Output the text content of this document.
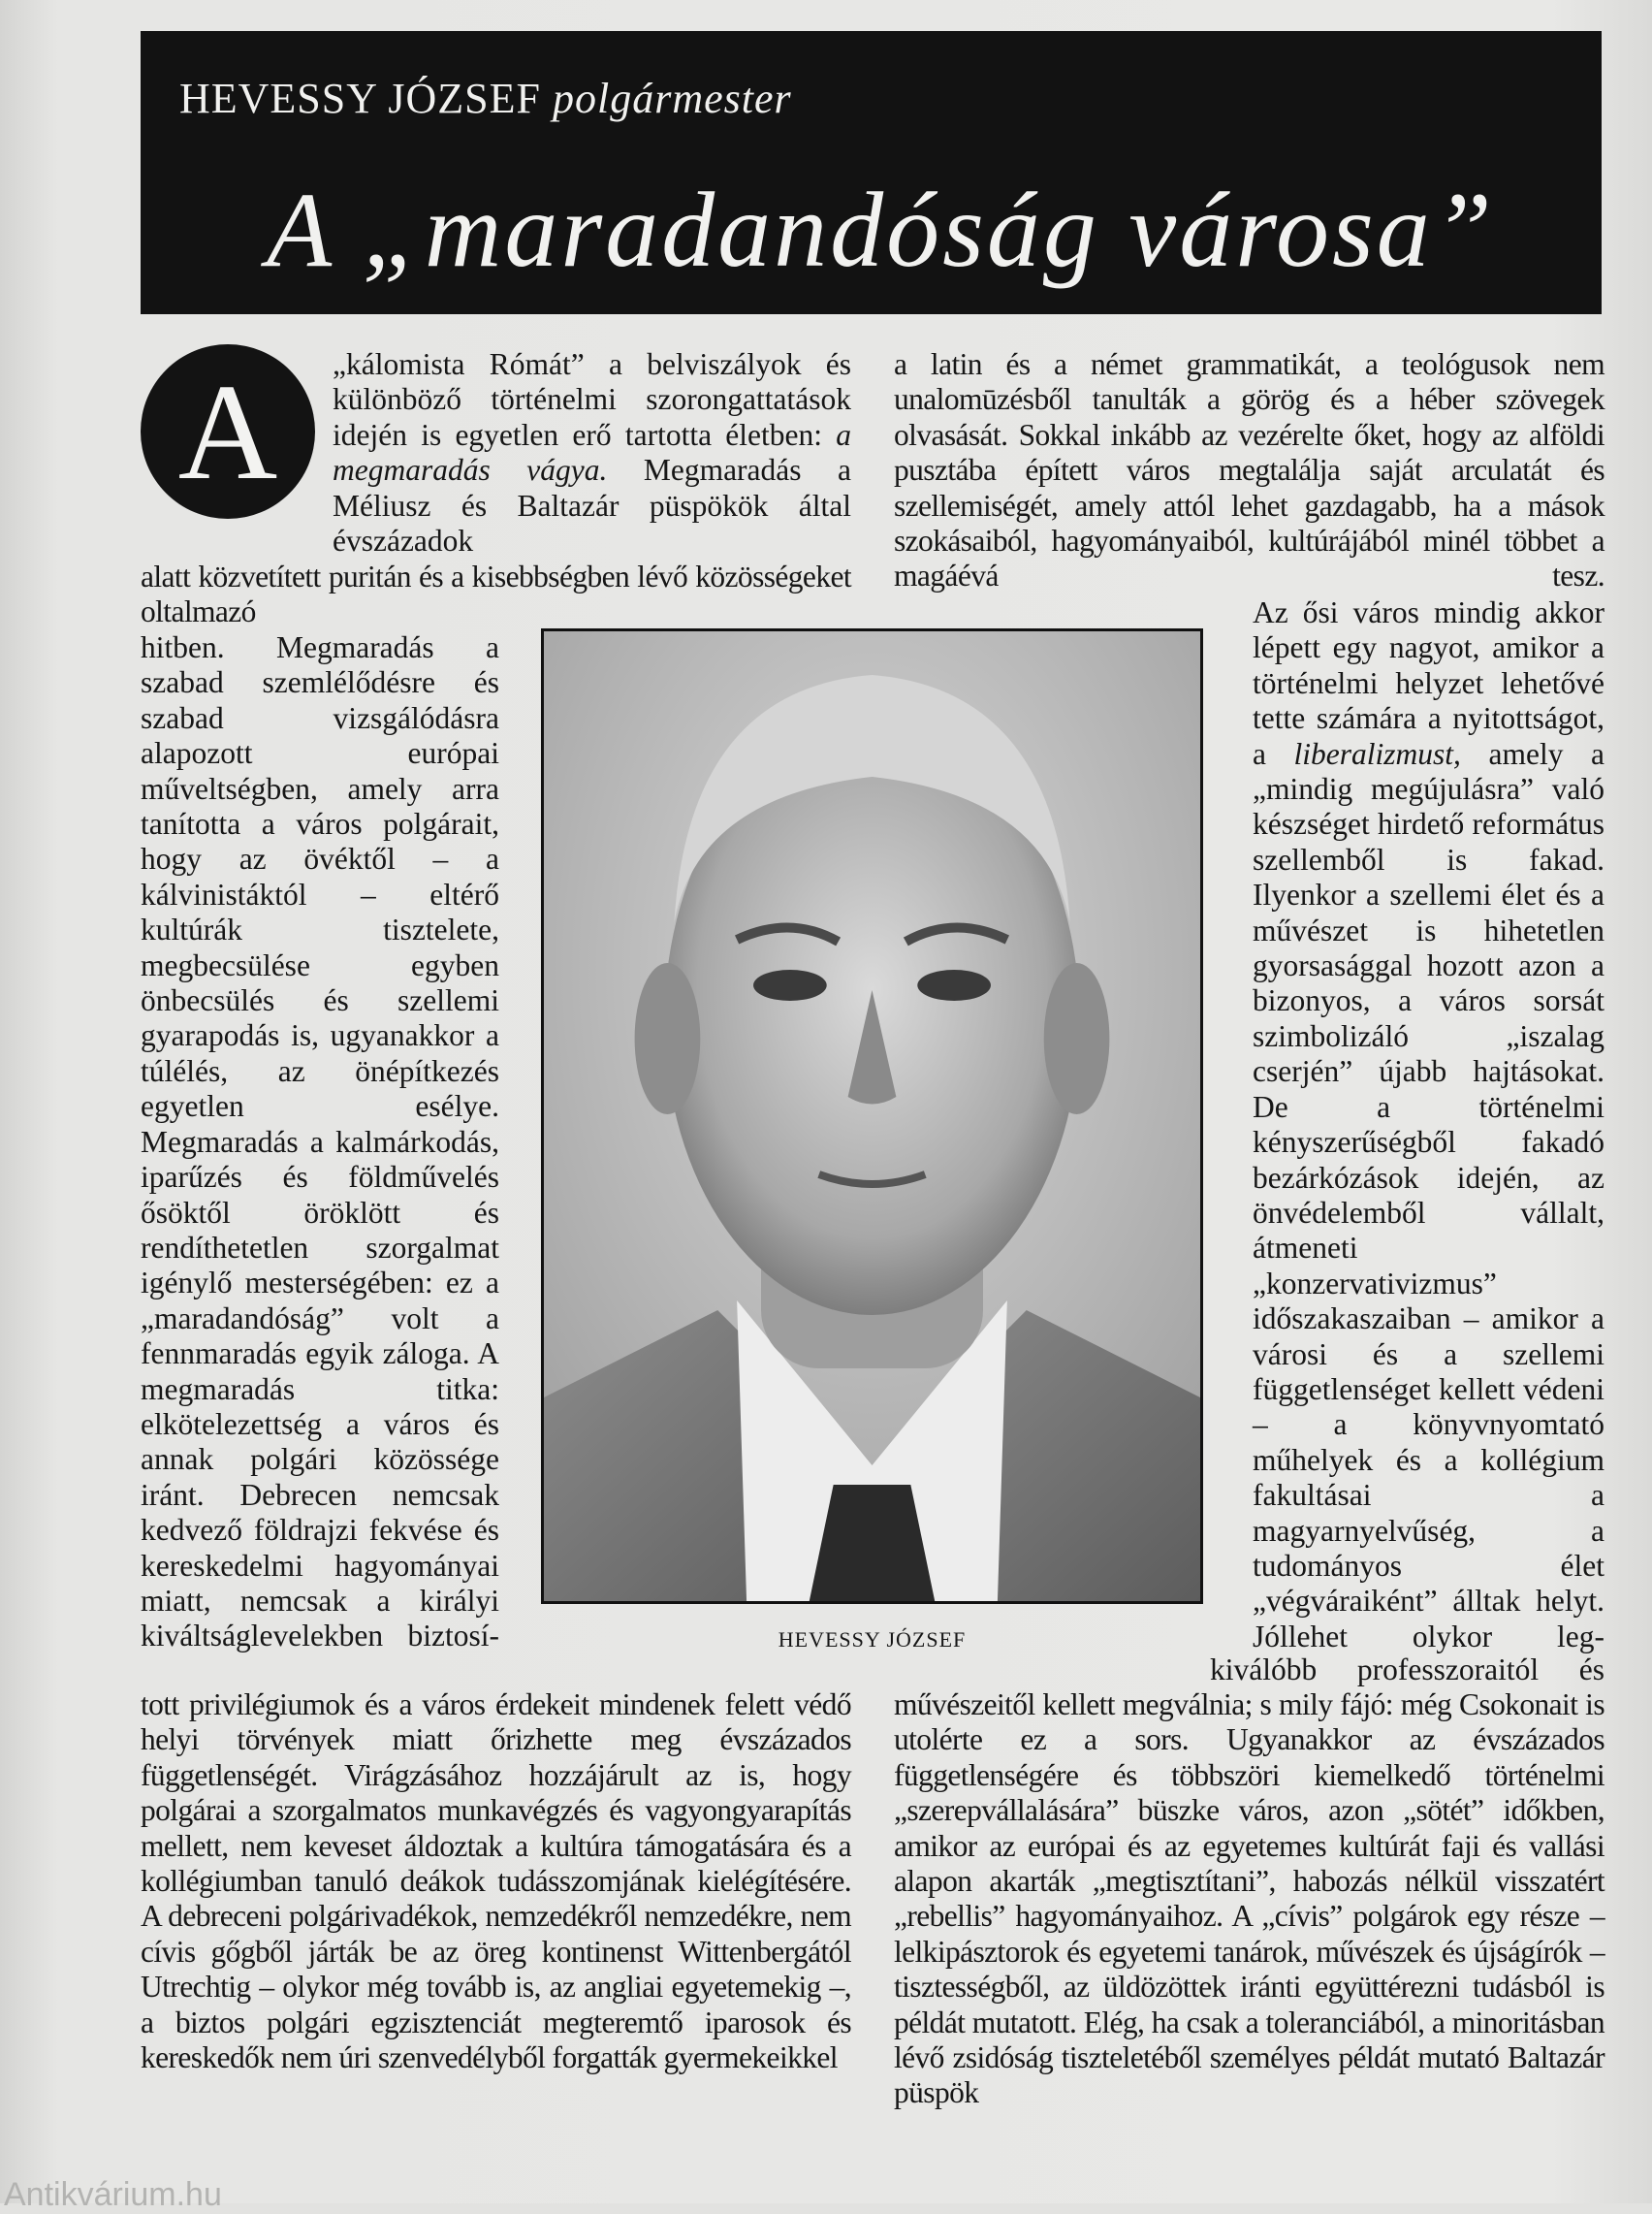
HEVESSY JÓZSEF polgármester
A „maradandóság városa”
A	„kálomista Rómát” a belviszályok és különböző történelmi szorongattatások idején is egyetlen erő tartotta életben: a megmaradás vágya. Megmaradás a Méliusz és Baltazár püspökök által évszázadok
alatt közvetített puritán és a kisebbségben lévő közösségeket oltalmazó
hitben. Megmaradás a szabad szemlélődésre és szabad vizsgálódásra alapozott európai műveltségben, amely arra tanította a város polgárait, hogy az övéktől – a kálvinistáktól – eltérő kultúrák tisztelete, megbecsülése egyben önbecsülés és szellemi gyarapodás is, ugyanakkor a túlélés, az önépítkezés egyetlen esélye. Megmaradás a kalmárkodás, iparűzés és földművelés ősöktől öröklött és rendíthetetlen szorgalmat igénylő mesterségében: ez a „maradandóság” volt a fennmaradás egyik záloga. A megmaradás titka: elkötelezettség a város és annak polgári közössége iránt. Debrecen nemcsak kedvező földrajzi fekvése és kereskedelmi hagyományai miatt, nemcsak a királyi kiváltságlevelekben biztosí-
tott privilégiumok és a város érdekeit mindenek felett védő helyi törvények miatt őrizhette meg évszázados függetlenségét. Virágzásához hozzájárult az is, hogy polgárai a szorgalmatos munkavégzés és vagyongyarapítás mellett, nem keveset áldoztak a kultúra támogatására és a kollégiumban tanuló deákok tudásszomjának kielégítésére. A debreceni polgárivadékok, nemzedékről nemzedékre, nem cívis gőgből járták be az öreg kontinenst Wittenbergától Utrechtig – olykor még tovább is, az angliai egyetemekig –, a biztos polgári egzisztenciát megteremtő iparosok és kereskedők nem úri szenvedélyből forgatták gyermekeikkel
a latin és a német grammatikát, a teológusok nem unalomūzésből tanulták a görög és a héber szövegek olvasását. Sokkal inkább az vezérelte őket, hogy az alföldi pusztába épített város megtalálja saját arculatát és szellemiségét, amely attól lehet gazdagabb, ha a mások szokásaiból, hagyományaiból, kultúrájából minél többet a magáévá tesz.
Az ősi város mindig akkor lépett egy nagyot, amikor a történelmi helyzet lehetővé tette számára a nyitottságot, a liberalizmust, amely a „mindig megújulásra” való készséget hirdető református szellemből is fakad. Ilyenkor a szellemi élet és a művészet is hihetetlen gyorsasággal hozott azon a bizonyos, a város sorsát szimbolizáló „iszalag cserjén” újabb hajtásokat. De a történelmi kényszerűségből fakadó bezárkózások idején, az önvédelemből vállalt, átmeneti „konzervativizmus” időszakaszaiban – amikor a városi és a szellemi függetlenséget kellett védeni – a könyvnyomtató műhelyek és a kollégium fakultásai a magyarnyelvűség, a tudományos élet „végváraiként” álltak helyt. Jóllehet olykor leg-
kiválóbb professzoraitól és
művészeitől kellett megválnia; s mily fájó: még Csokonait is utolérte ez a sors. Ugyanakkor az évszázados függetlenségére és többszöri kiemelkedő történelmi „szerepvállalására” büszke város, azon „sötét” időkben, amikor az európai és az egyetemes kultúrát faji és vallási alapon akarták „megtisztítani”, habozás nélkül visszatért „rebellis” hagyományaihoz. A „cívis” polgárok egy része – lelkipásztorok és egyetemi tanárok, művészek és újságírók – tisztességből, az üldözöttek iránti együttérezni tudásból is példát mutatott. Elég, ha csak a toleranciából, a minoritásban lévő zsidóság tiszteletéből személyes példát mutató Baltazár püspök
HEVESSY JÓZSEF
Antikvárium.hu
